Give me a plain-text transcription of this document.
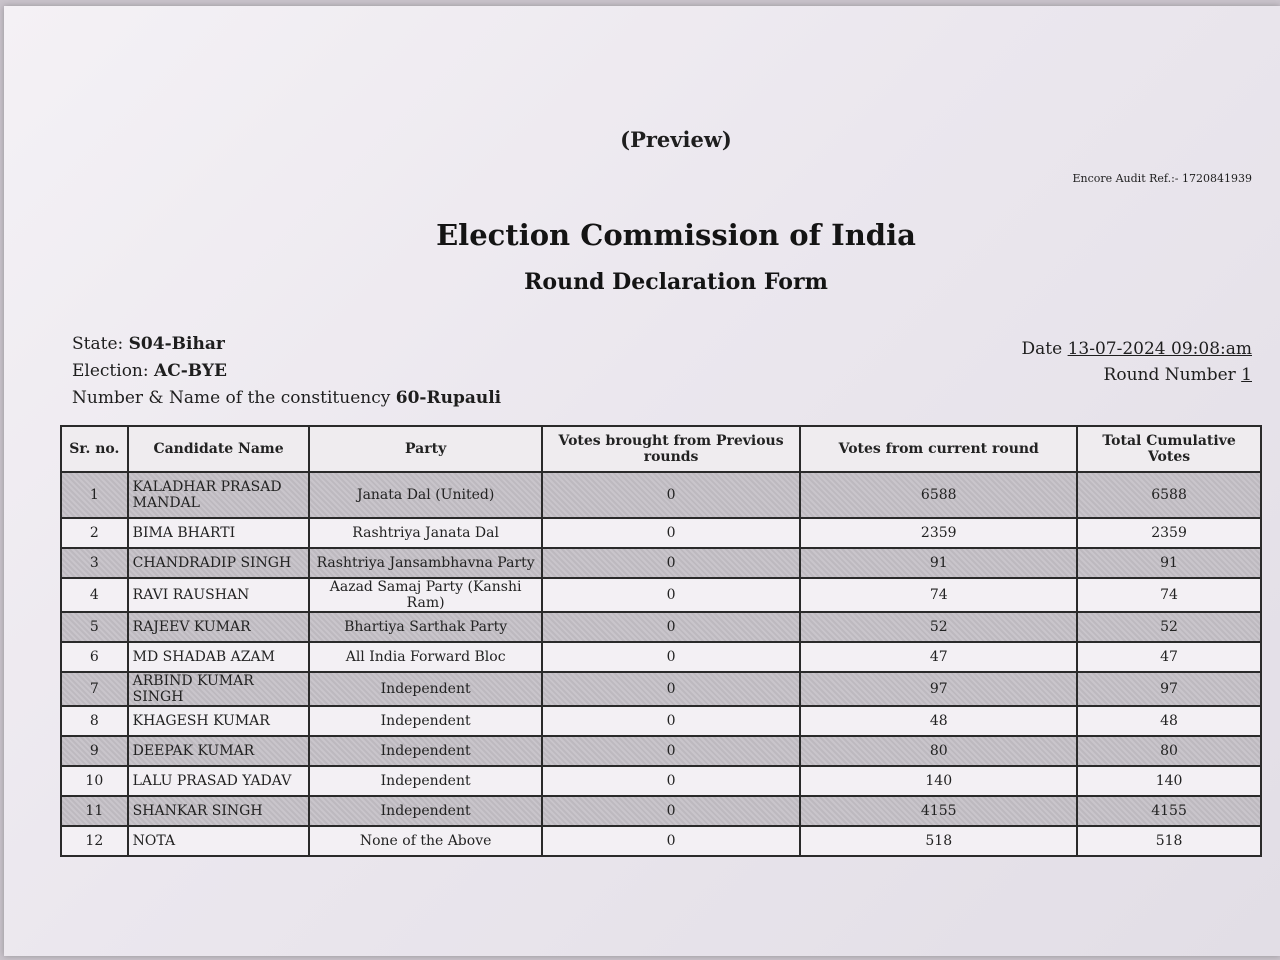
(Preview)
Encore Audit Ref.:- 1720841939
Election Commission of India
Round Declaration Form
State: S04-Bihar
Election: AC-BYE
Number & Name of the constituency 60-Rupauli
Date 13-07-2024 09:08:am
Round Number 1
Sr. no.	Candidate Name	Party	Votes brought from Previous rounds	Votes from current round	Total Cumulative Votes
1	KALADHAR PRASAD MANDAL	Janata Dal (United)	0	6588	6588
2	BIMA BHARTI	Rashtriya Janata Dal	0	2359	2359
3	CHANDRADIP SINGH	Rashtriya Jansambhavna Party	0	91	91
4	RAVI RAUSHAN	Aazad Samaj Party (Kanshi Ram)	0	74	74
5	RAJEEV KUMAR	Bhartiya Sarthak Party	0	52	52
6	MD SHADAB AZAM	All India Forward Bloc	0	47	47
7	ARBIND KUMAR SINGH	Independent	0	97	97
8	KHAGESH KUMAR	Independent	0	48	48
9	DEEPAK KUMAR	Independent	0	80	80
10	LALU PRASAD YADAV	Independent	0	140	140
11	SHANKAR SINGH	Independent	0	4155	4155
12	NOTA	None of the Above	0	518	518
